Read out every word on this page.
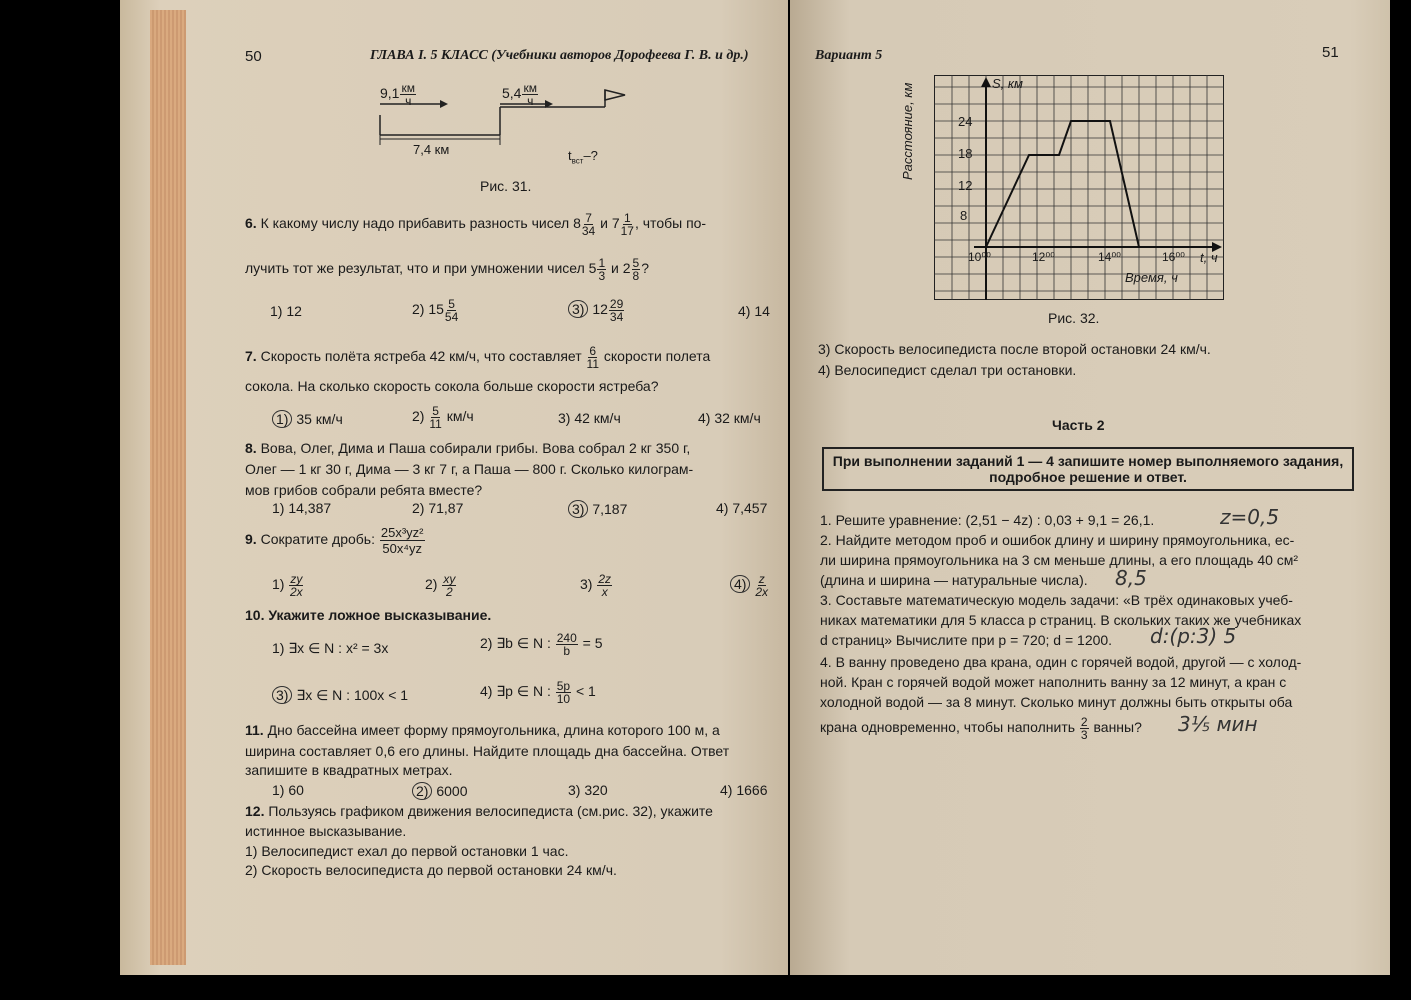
50	ГЛАВА I. 5 КЛАСС (Учебники авторов Дорофеева Г. В. и др.)
$9,1 \frac{км}{ч}$	$5,4 \frac{км}{ч}$
7,4 км	$t_{вст}-$?
Рис. 31.
6. К какому числу надо прибавить разность чисел $8 \frac{7}{34}$ и $7 \frac{1}{17}$ , чтобы по-
лучить тот же результат, что и при умножении чисел $5 \frac{1}{3}$ и $2 \frac{5}{8}$ ?
1) 12	2) $15 \frac{5}{54}$	3) $12 \frac{29}{34}$	4) 14
7. Скорость полёта ястреба 42 км/ч, что составляет $\frac{6}{11}$ скорости полета
сокола. На сколько скорость сокола больше скорости ястреба?
1) 35 км/ч	$2) \frac{5}{11} км/ч$	3) 42 км/ч	4) 32 км/ч
8. Вова, Олег, Дима и Паша собирали грибы. Вова собрал 2 кг 350 г,
Олег — 1 кг 30 г, Дима — 3 кг 7 г, а Паша — 800 г. Сколько килограм-
мов грибов собрали ребята вместе?
1) 14,387	2) 71,87	3) 7,187	4) 7,457
9. Сократите дробь: $\frac{\text{25x³yz²}}{\text{50x⁴yz}}$
$1) \frac{zy}{2x}$	$2) \frac{xy}{2}$	$3) \frac{2z}{x}$	$4) \frac{z}{2x}$
10. Укажите ложное высказывание.
1) ∃x ∈ N : x² = 3x	2) ∃b ∈ N : $\frac{240}{b} = 5$
3) ∃x ∈ N : 100x < 1	4) ∃p ∈ N : $\frac{5p}{10} < 1$
11. Дно бассейна имеет форму прямоугольника, длина которого 100 м, а
ширина составляет 0,6 его длины. Найдите площадь дна бассейна. Ответ
запишите в квадратных метрах.
1) 60	2) 6000	3) 320	4) 1666
12. Пользуясь графиком движения велосипедиста (см.рис. 32), укажите
истинное высказывание.
1) Велосипедист ехал до первой остановки 1 час.
2) Скорость велосипедиста до первой остановки 24 км/ч.
Вариант 5	51
S, км
Расстояние, км
8
12
18
24
10⁰⁰	12⁰⁰	14⁰⁰	16⁰⁰ t, ч
Время, ч
Рис. 32.
3) Скорость велосипедиста после второй остановки 24 км/ч.
4) Велосипедист сделал три остановки.
Часть 2
При выполнении заданий 1 — 4 запишите номер выполняемого задания, подробное решение и ответ.
1. Решите уравнение: (2,51 − 4z) : 0,03 + 9,1 = 26,1.	z=0,5
2. Найдите методом проб и ошибок длину и ширину прямоугольника, ес-
ли ширина прямоугольника на 3 см меньше длины, а его площадь 40 см²
(длина и ширина — натуральные числа). 8,5
3. Составьте математическую модель задачи: «В трёх одинаковых учеб-
никах математики для 5 класса p страниц. В скольких таких же учебниках
d страниц» Вычислите при p = 720; d = 1200. d:(p:3) 5
4. В ванну проведено два крана, один с горячей водой, другой — с холод-
ной. Кран с горячей водой может наполнить ванну за 12 минут, а кран с
холодной водой — за 8 минут. Сколько минут должны быть открыты оба
крана одновременно, чтобы наполнить $\frac{2}{3}$ ванны? 3⅕ мин
